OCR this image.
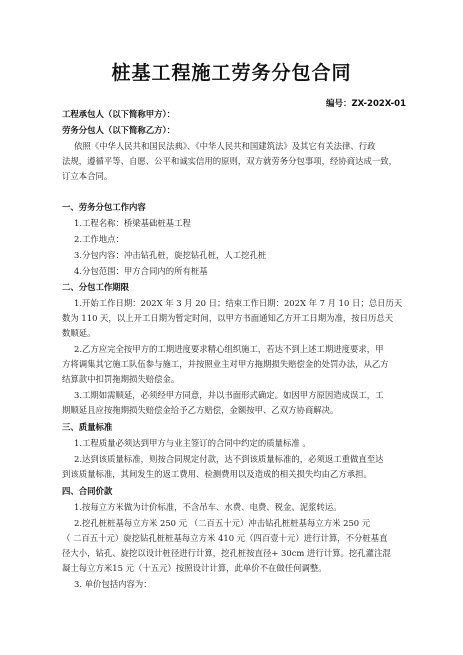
桩基工程施工劳务分包合同
编号：ZX-202X-01
工程承包人（以下简称甲方）：
劳务分包人（以下简称乙方）：
依照《中华人民共和国民法典》、《中华人民共和国建筑法》及其它有关法律、行政
法规，遵循平等、自愿、公平和诚实信用的原则，双方就劳务分包事项，经协商达成一致，
订立本合同。
一、劳务分包工作内容
1.工程名称：桥梁基础桩基工程
2.工作地点：
3.分包内容：冲击钻孔桩，旋挖钻孔桩，人工挖孔桩
4.分包范围：甲方合同内的所有桩基
二、分包工作期限
1.开始工作日期：202X 年 3 月 20 日；结束工作日期：202X 年 7 月 10 日；总日历天
数为 110 天，以上开工日期为暂定时间，以甲方书面通知乙方开工日期为准，按日历总天
数顺延。
2.乙方应完全按甲方的工期进度要求精心组织施工，若达不到上述工期进度要求，甲
方将调集其它施工队伍参与施工，并按照业主对甲方拖期损失赔偿金的处罚办法，从乙方
结算款中扣罚拖期损失赔偿金。
3.工期如需顺延，必须经甲方同意，并以书面形式确定。如因甲方原因造成误工，工
期顺延且应按拖期损失赔偿金给予乙方赔偿，金额按甲、乙双方协商解决。
三、质量标准
1.工程质量必须达到甲方与业主签订的合同中约定的质量标准 。
2.达到该质量标准，则按合同规定付款，达不到该质量标准的，必须返工重做直至达
到该质量标准，其间发生的返工费用、检测费用以及造成的相关损失均由乙方承担。
四、合同价款
1.按每立方米做为计价标准，不含吊车、水费、电费、税金、泥浆转运。
2.挖孔桩桩基每立方米 250 元 （二百五十元）冲击钻孔桩桩基每立方米 250 元
（ 二百五十元）旋挖钻孔桩桩基每立方米 410 元（四百壹十元）进行计算，不分桩基直
径大小，钻孔、旋挖以设计桩径进行计算，挖孔桩按直径+ 30cm 进行计算。挖孔灌注混
凝土每立方米15 元（十五元）按照设计计算，此单价不在做任何调整。
3. 单价包括内容为：
